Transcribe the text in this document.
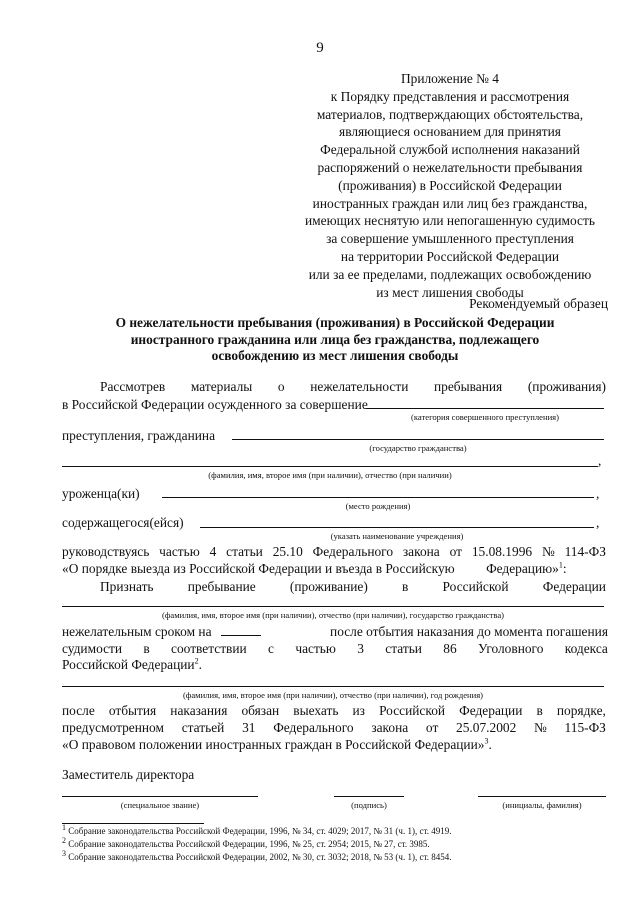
9
Приложение № 4
к Порядку представления и рассмотрения
материалов, подтверждающих обстоятельства,
являющиеся основанием для принятия
Федеральной службой исполнения наказаний
распоряжений о нежелательности пребывания
(проживания) в Российской Федерации
иностранных граждан или лиц без гражданства,
имеющих неснятую или непогашенную судимость
за совершение умышленного преступления
на территории Российской Федерации
или за ее пределами, подлежащих освобождению
из мест лишения свободы
Рекомендуемый образец
О нежелательности пребывания (проживания) в Российской Федерации
иностранного гражданина или лица без гражданства, подлежащего
освобождению из мест лишения свободы
Рассмотрев материалы о нежелательности пребывания (проживания)
в Российской Федерации осужденного за совершение
(категория совершенного преступления)
преступления, гражданина
(государство гражданства)
,
(фамилия, имя, второе имя (при наличии), отчество (при наличии)
уроженца(ки)	,
(место рождения)
содержащегося(ейся)	,
(указать наименование учреждения)
руководствуясь частью 4 статьи 25.10 Федерального закона от 15.08.1996 № 114-ФЗ
«О порядке выезда из Российской Федерации и въезда в Российскую Федерацию»$^1$:
Признать	пребывание	(проживание)	в	Российской	Федерации
(фамилия, имя, второе имя (при наличии), отчество (при наличии), государство гражданства)
нежелательным сроком на	после отбытия наказания до момента погашения
судимости в соответствии с частью 3 статьи 86 Уголовного кодекса
Российской Федерации$^2$.
(фамилия, имя, второе имя (при наличии), отчество (при наличии), год рождения)
после отбытия наказания обязан выехать из Российской Федерации в порядке,
предусмотренном статьей 31 Федерального закона от 25.07.2002 № 115-ФЗ
«О правовом положении иностранных граждан в Российской Федерации»$^3$.
Заместитель директора
(специальное звание)	(подпись)	(инициалы, фамилия)
$^1$ Собрание законодательства Российской Федерации, 1996, № 34, ст. 4029; 2017, № 31 (ч. 1), ст. 4919.
$^2$ Собрание законодательства Российской Федерации, 1996, № 25, ст. 2954; 2015, № 27, ст. 3985.
$^3$ Собрание законодательства Российской Федерации, 2002, № 30, ст. 3032; 2018, № 53 (ч. 1), ст. 8454.
